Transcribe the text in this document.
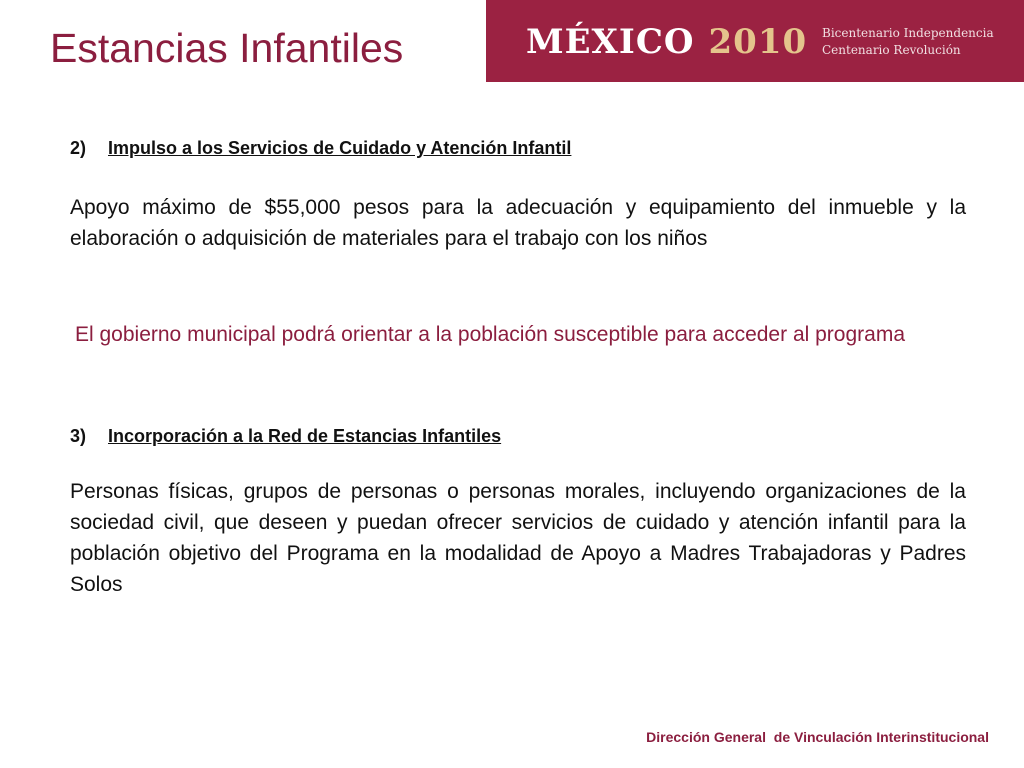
Estancias Infantiles	MÉXICO 2010 Bicentenario Independencia
Centenario Revolución

2) Impulso a los Servicios de Cuidado y Atención Infantil

Apoyo máximo de $55,000 pesos para la adecuación y equipamiento del inmueble y la elaboración o adquisición de materiales para el trabajo con los niños

El gobierno municipal podrá orientar a la población susceptible para acceder al programa

3) Incorporación a la Red de Estancias Infantiles

Personas físicas, grupos de personas o personas morales, incluyendo organizaciones de la sociedad civil, que deseen y puedan ofrecer servicios de cuidado y atención infantil para la población objetivo del Programa en la modalidad de Apoyo a Madres Trabajadoras y Padres Solos

Dirección General  de Vinculación Interinstitucional
